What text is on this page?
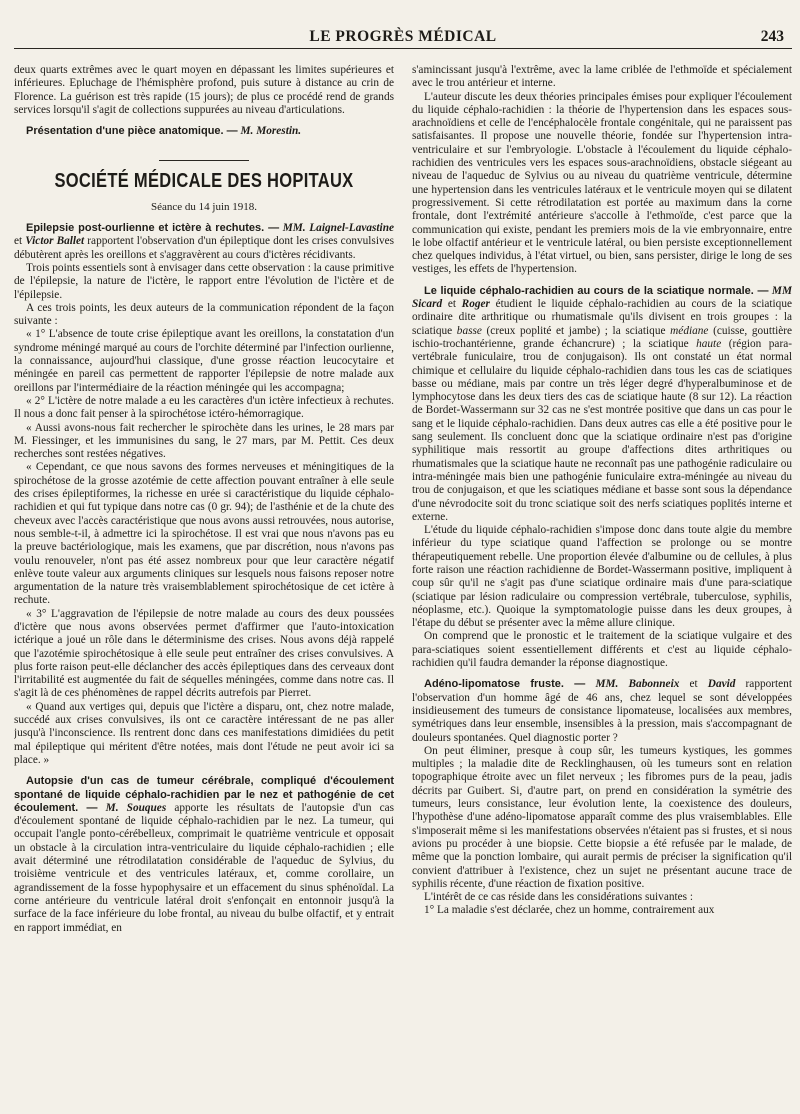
LE PROGRÈS MÉDICAL	243

deux quarts extrêmes avec le quart moyen en dépassant les limites supérieures et inférieures. Epluchage de l'hémisphère profond, puis suture à distance au crin de Florence. La guérison est très rapide (15 jours); de plus ce procédé rend de grands services lorsqu'il s'agit de collections suppurées au niveau d'articulations.

Présentation d'une pièce anatomique. — M. Morestin.

SOCIÉTÉ MÉDICALE DES HOPITAUX
Séance du 14 juin 1918.

Epilepsie post-ourlienne et ictère à rechutes. — MM. Laignel-Lavastine et Victor Ballet rapportent l'observation d'un épileptique dont les crises convulsives débutèrent après les oreillons et s'aggravèrent au cours d'ictères récidivants.

Trois points essentiels sont à envisager dans cette observation : la cause primitive de l'épilepsie, la nature de l'ictère, le rapport entre l'évolution de l'ictère et de l'épilepsie.

A ces trois points, les deux auteurs de la communication répondent de la façon suivante :

« 1° L'absence de toute crise épileptique avant les oreillons, la constatation d'un syndrome méningé marqué au cours de l'orchite déterminé par l'infection ourlienne, la connaissance, aujourd'hui classique, d'une grosse réaction leucocytaire et méningée en pareil cas permettent de rapporter l'épilepsie de notre malade aux oreillons par l'intermédiaire de la réaction méningée qui les accompagna;

« 2° L'ictère de notre malade a eu les caractères d'un ictère infectieux à rechutes. Il nous a donc fait penser à la spirochétose ictéro-hémorragique.

« Aussi avons-nous fait rechercher le spirochète dans les urines, le 28 mars par M. Fiessinger, et les immunisines du sang, le 27 mars, par M. Pettit. Ces deux recherches sont restées négatives.

« Cependant, ce que nous savons des formes nerveuses et méningitiques de la spirochétose de la grosse azotémie de cette affection pouvant entraîner à elle seule des crises épileptiformes, la richesse en urée si caractéristique du liquide céphalo-rachidien et qui fut typique dans notre cas (0 gr. 94); de l'asthénie et de la chute des cheveux avec l'accès caractéristique que nous avons aussi retrouvées, nous autorise, nous semble-t-il, à admettre ici la spirochétose. Il est vrai que nous n'avons pas eu la preuve bactériologique, mais les examens, que par discrétion, nous n'avons pas voulu renouveler, n'ont pas été assez nombreux pour que leur caractère négatif enlève toute valeur aux arguments cliniques sur lesquels nous faisons reposer notre argumentation de la nature très vraisemblablement spirochétosique de cet ictère à rechute.

« 3° L'aggravation de l'épilepsie de notre malade au cours des deux poussées d'ictère que nous avons observées permet d'affirmer que l'auto-intoxication ictérique a joué un rôle dans le déterminisme des crises. Nous avons déjà rappelé que l'azotémie spirochétosique à elle seule peut entraîner des crises convulsives. A plus forte raison peut-elle déclancher des accès épileptiques dans des cerveaux dont l'irritabilité est augmentée du fait de séquelles méningées, comme dans notre cas. Il s'agit là de ces phénomènes de rappel décrits autrefois par Pierret.

« Quand aux vertiges qui, depuis que l'ictère a disparu, ont, chez notre malade, succédé aux crises convulsives, ils ont ce caractère intéressant de ne pas aller jusqu'à l'inconscience. Ils rentrent donc dans ces manifestations dimidiées du petit mal épileptique qui méritent d'être notées, mais dont l'étude ne peut avoir ici sa place. »

Autopsie d'un cas de tumeur cérébrale, compliqué d'écoulement spontané de liquide céphalo-rachidien par le nez et pathogénie de cet écoulement. — M. Souques apporte les résultats de l'autopsie d'un cas d'écoulement spontané de liquide céphalo-rachidien par le nez. La tumeur, qui occupait l'angle ponto-cérébelleux, comprimait le quatrième ventricule et opposait un obstacle à la circulation intra-ventriculaire du liquide céphalo-rachidien ; elle avait déterminé une rétrodilatation considérable de l'aqueduc de Sylvius, du troisième ventricule et des ventricules latéraux, et, comme corollaire, un agrandissement de la fosse hypophysaire et un effacement du sinus sphénoïdal. La corne antérieure du ventricule latéral droit s'enfonçait en entonnoir jusqu'à la surface de la face inférieure du lobe frontal, au niveau du bulbe olfactif, et y entrait en rapport immédiat, en

s'amincissant jusqu'à l'extrême, avec la lame criblée de l'ethmoïde et spécialement avec le trou antérieur et interne.

L'auteur discute les deux théories principales émises pour expliquer l'écoulement du liquide céphalo-rachidien : la théorie de l'hypertension dans les espaces sous-arachnoïdiens et celle de l'encéphalocèle frontale congénitale, qui ne paraissent pas satisfaisantes. Il propose une nouvelle théorie, fondée sur l'hypertension intra-ventriculaire et sur l'embryologie. L'obstacle à l'écoulement du liquide céphalo-rachidien des ventricules vers les espaces sous-arachnoïdiens, obstacle siégeant au niveau de l'aqueduc de Sylvius ou au niveau du quatrième ventricule, détermine une hypertension dans les ventricules latéraux et le ventricule moyen qui se dilatent progressivement. Si cette rétrodilatation est portée au maximum dans la corne frontale, dont l'extrémité antérieure s'accolle à l'ethmoïde, c'est parce que la communication qui existe, pendant les premiers mois de la vie embryonnaire, entre le lobe olfactif antérieur et le ventricule latéral, ou bien persiste exceptionnellement chez quelques individus, à l'état virtuel, ou bien, sans persister, dirige le long de ses vestiges, les effets de l'hypertension.

Le liquide céphalo-rachidien au cours de la sciatique normale. — MM Sicard et Roger étudient le liquide céphalo-rachidien au cours de la sciatique ordinaire dite arthritique ou rhumatismale qu'ils divisent en trois groupes : la sciatique basse (creux poplité et jambe) ; la sciatique médiane (cuisse, gouttière ischio-trochantérienne, grande échancrure) ; la sciatique haute (région para-vertébrale funiculaire, trou de conjugaison). Ils ont constaté un état normal chimique et cellulaire du liquide céphalo-rachidien dans tous les cas de sciatiques basse ou médiane, mais par contre un très léger degré d'hyperalbuminose et de lymphocytose dans les deux tiers des cas de sciatique haute (8 sur 12). La réaction de Bordet-Wassermann sur 32 cas ne s'est montrée positive que dans un cas pour le sang et le liquide céphalo-rachidien. Dans deux autres cas elle a été positive pour le sang seulement. Ils concluent donc que la sciatique ordinaire n'est pas d'origine syphilitique mais ressortit au groupe d'affections dites arthritiques ou rhumatismales que la sciatique haute ne reconnaît pas une pathogénie radiculaire ou intra-méningée mais bien une pathogénie funiculaire extra-méningée au niveau du trou de conjugaison, et que les sciatiques médiane et basse sont sous la dépendance d'une névrodocite soit du tronc sciatique soit des nerfs sciatiques poplités interne et externe.

L'étude du liquide céphalo-rachidien s'impose donc dans toute algie du membre inférieur du type sciatique quand l'affection se prolonge ou se montre thérapeutiquement rebelle. Une proportion élevée d'albumine ou de cellules, à plus forte raison une réaction rachidienne de Bordet-Wassermann positive, impliquent à coup sûr qu'il ne s'agit pas d'une sciatique ordinaire mais d'une para-sciatique (sciatique par lésion radiculaire ou compression vertébrale, tuberculose, syphilis, néoplasme, etc.). Quoique la symptomatologie puisse dans les deux groupes, à l'étape du début se présenter avec la même allure clinique.

On comprend que le pronostic et le traitement de la sciatique vulgaire et des para-sciatiques soient essentiellement différents et c'est au liquide céphalo-rachidien qu'il faudra demander la réponse diagnostique.

Adéno-lipomatose fruste. — MM. Babonneix et David rapportent l'observation d'un homme âgé de 46 ans, chez lequel se sont développées insidieusement des tumeurs de consistance lipomateuse, localisées aux membres, symétriques dans leur ensemble, insensibles à la pression, mais s'accompagnant de douleurs spontanées. Quel diagnostic porter ?

On peut éliminer, presque à coup sûr, les tumeurs kystiques, les gommes multiples ; la maladie dite de Recklinghausen, où les tumeurs sont en relation topographique étroite avec un filet nerveux ; les fibromes purs de la peau, jadis décrits par Guibert. Si, d'autre part, on prend en considération la symétrie des tumeurs, leurs consistance, leur évolution lente, la coexistence des douleurs, l'hypothèse d'une adéno-lipomatose apparaît comme des plus vraisemblables. Elle s'imposerait même si les manifestations observées n'étaient pas si frustes, et si nous avions pu procéder à une biopsie. Cette biopsie a été refusée par le malade, de même que la ponction lombaire, qui aurait permis de préciser la signification qu'il convient d'attribuer à l'existence, chez un sujet ne présentant aucune trace de syphilis récente, d'une réaction de fixation positive.

L'intérêt de ce cas réside dans les considérations suivantes :

1° La maladie s'est déclarée, chez un homme, contrairement aux
